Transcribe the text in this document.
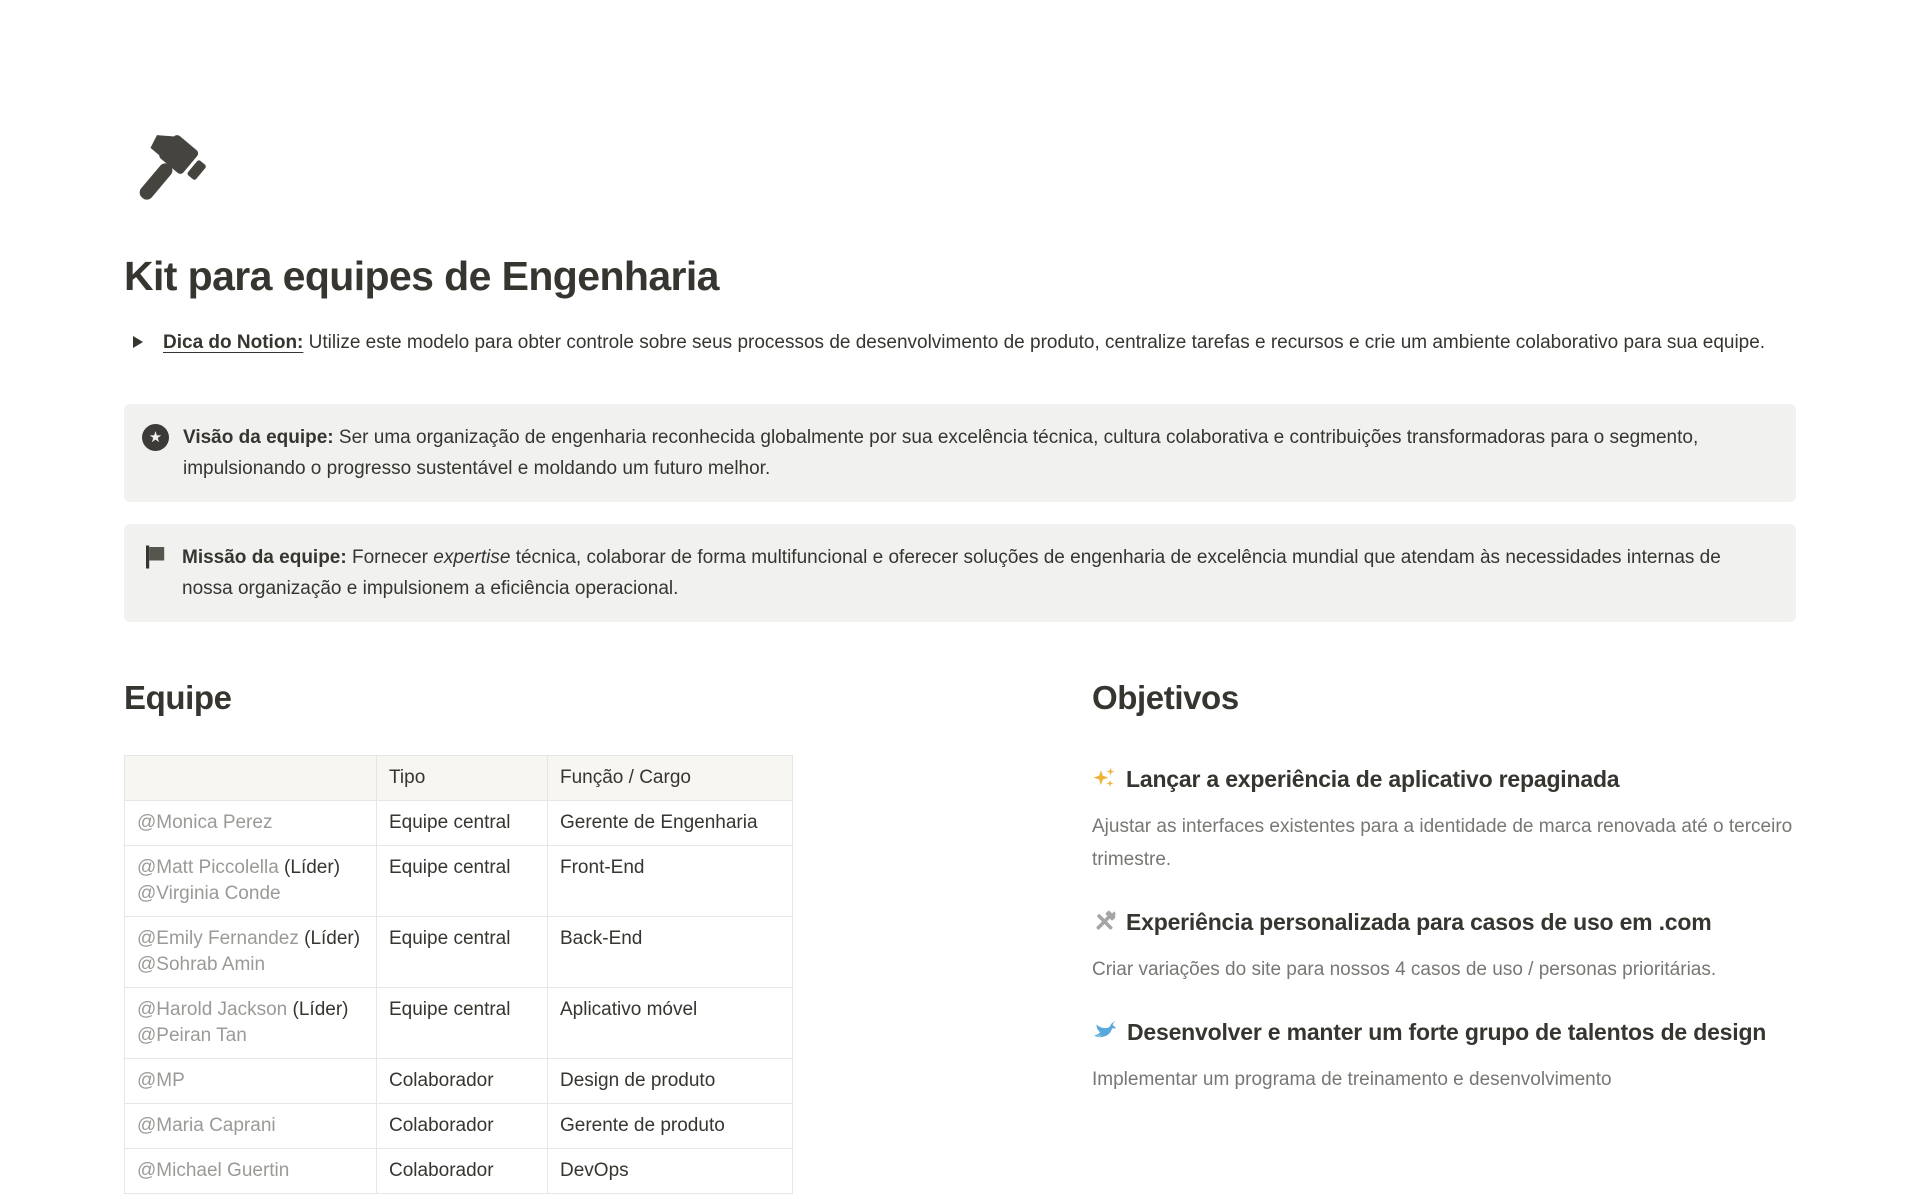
Kit para equipes de Engenharia
Dica do Notion: Utilize este modelo para obter controle sobre seus processos de desenvolvimento de produto, centralize tarefas e recursos e crie um ambiente colaborativo para sua equipe.
★	Visão da equipe: Ser uma organização de engenharia reconhecida globalmente por sua excelência técnica, cultura colaborativa e contribuições transformadoras para o segmento, impulsionando o progresso sustentável e moldando um futuro melhor.
Missão da equipe: Fornecer expertise técnica, colaborar de forma multifuncional e oferecer soluções de engenharia de excelência mundial que atendam às necessidades internas de nossa organização e impulsionem a eficiência operacional.
Equipe
	Tipo	Função / Cargo

@Monica Perez	Equipe central	Gerente de Engenharia

@Matt Piccolella (Líder)
@Virginia Conde	Equipe central	Front-End

@Emily Fernandez (Líder)
@Sohrab Amin	Equipe central	Back-End

@Harold Jackson (Líder)
@Peiran Tan	Equipe central	Aplicativo móvel

@MP	Colaborador	Design de produto

@Maria Caprani	Colaborador	Gerente de produto

@Michael Guertin	Colaborador	DevOps
Objetivos
Lançar a experiência de aplicativo repaginada
Ajustar as interfaces existentes para a identidade de marca renovada até o terceiro trimestre.
Experiência personalizada para casos de uso em .com
Criar variações do site para nossos 4 casos de uso / personas prioritárias.
Desenvolver e manter um forte grupo de talentos de design
Implementar um programa de treinamento e desenvolvimento
